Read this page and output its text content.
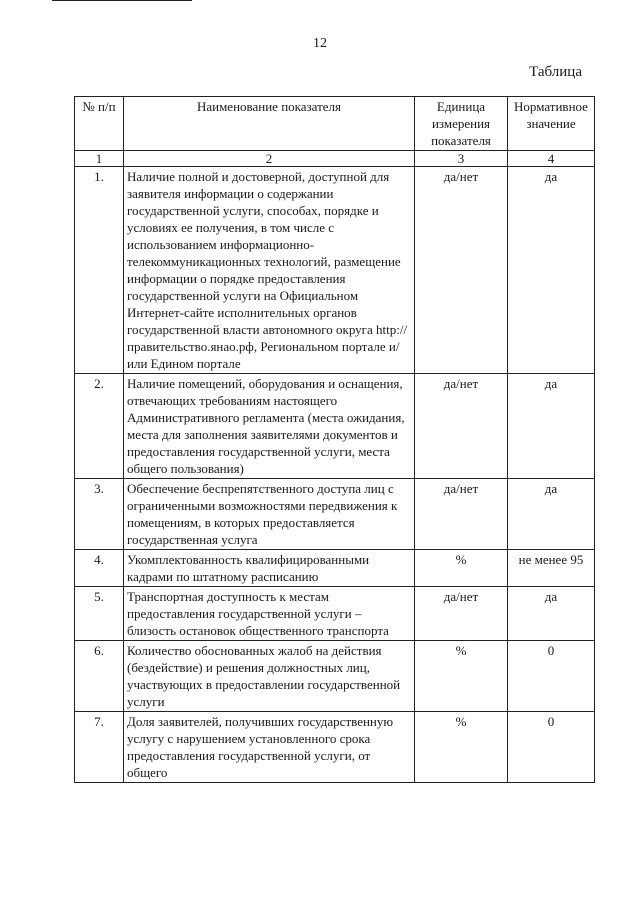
12
Таблица
№ п/п	Наименование показателя	Единица измерения показателя	Нормативное значение
1	2	3	4
1.	Наличие полной и достоверной, доступной для заявителя информации о содержании государственной услуги, способах, порядке и условиях ее получения, в том числе с использованием информационно-телекоммуникационных технологий, размещение информации о порядке предоставления государственной услуги на Официальном Интернет-сайте исполнительных органов государственной власти автономного округа http://правительство.янао.рф, Региональном портале и/или Едином портале	да/нет	да
2.	Наличие помещений, оборудования и оснащения, отвечающих требованиям настоящего Административного регламента (места ожидания, места для заполнения заявителями документов и предоставления государственной услуги, места общего пользования)	да/нет	да
3.	Обеспечение беспрепятственного доступа лиц с ограниченными возможностями передвижения к помещениям, в которых предоставляется государственная услуга	да/нет	да
4.	Укомплектованность квалифицированными кадрами по штатному расписанию	%	не менее 95
5.	Транспортная доступность к местам предоставления государственной услуги – близость остановок общественного транспорта	да/нет	да
6.	Количество обоснованных жалоб на действия (бездействие) и решения должностных лиц, участвующих в предоставлении государственной услуги	%	0
7.	Доля заявителей, получивших государственную услугу с нарушением установленного срока предоставления государственной услуги, от общего	%	0
